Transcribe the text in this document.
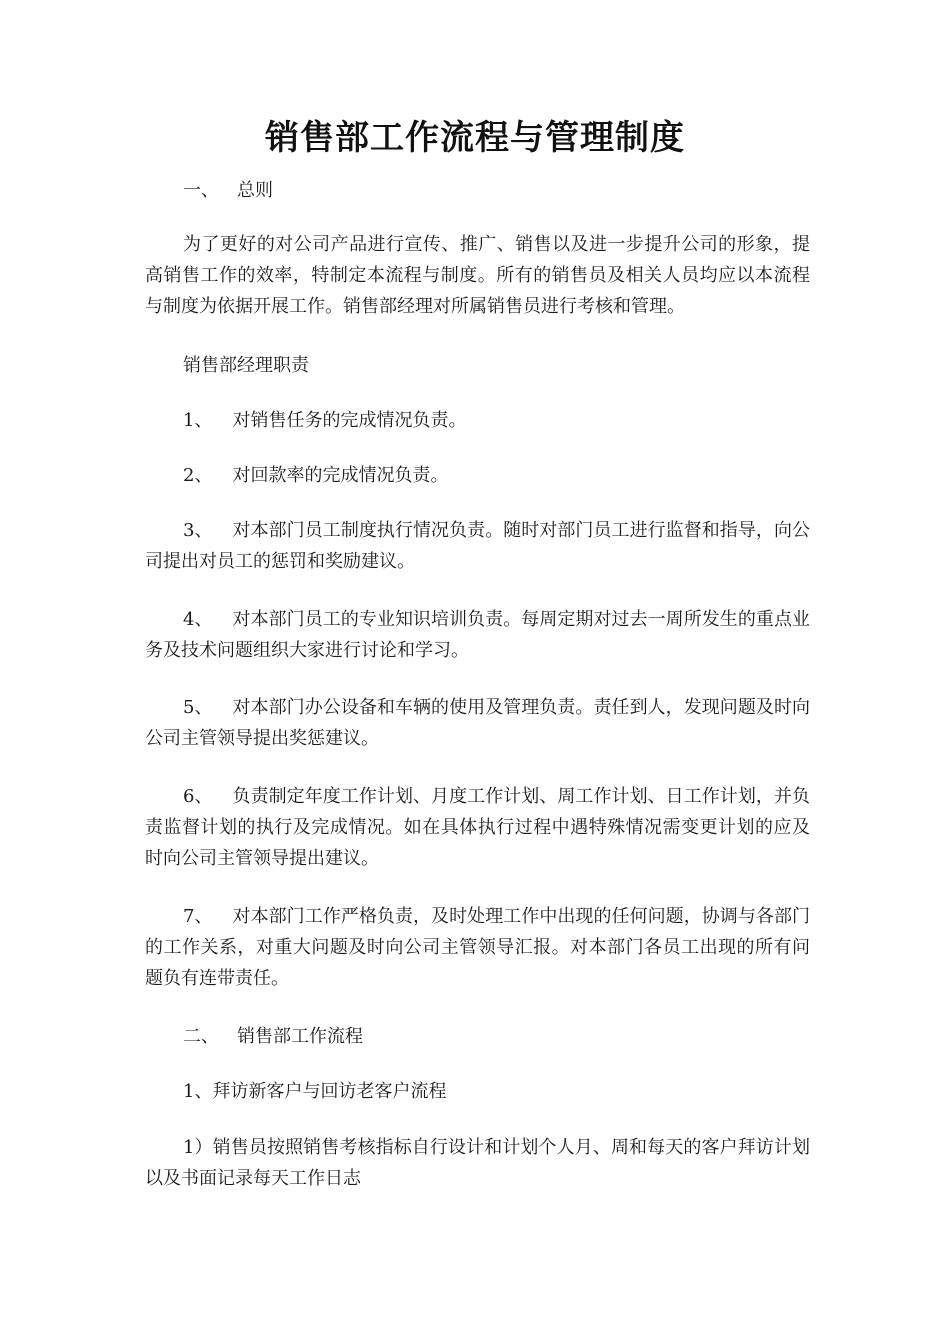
销售部工作流程与管理制度

一、 总则

为了更好的对公司产品进行宣传、推广、销售以及进一步提升公司的形象，提高销售工作的效率，特制定本流程与制度。所有的销售员及相关人员均应以本流程与制度为依据开展工作。销售部经理对所属销售员进行考核和管理。

销售部经理职责

1、 对销售任务的完成情况负责。

2、 对回款率的完成情况负责。

3、 对本部门员工制度执行情况负责。随时对部门员工进行监督和指导，向公司提出对员工的惩罚和奖励建议。

4、 对本部门员工的专业知识培训负责。每周定期对过去一周所发生的重点业务及技术问题组织大家进行讨论和学习。

5、 对本部门办公设备和车辆的使用及管理负责。责任到人，发现问题及时向公司主管领导提出奖惩建议。

6、 负责制定年度工作计划、月度工作计划、周工作计划、日工作计划，并负责监督计划的执行及完成情况。如在具体执行过程中遇特殊情况需变更计划的应及时向公司主管领导提出建议。

7、 对本部门工作严格负责，及时处理工作中出现的任何问题，协调与各部门的工作关系，对重大问题及时向公司主管领导汇报。对本部门各员工出现的所有问题负有连带责任。

二、 销售部工作流程

1、拜访新客户与回访老客户流程

1）销售员按照销售考核指标自行设计和计划个人月、周和每天的客户拜访计划以及书面记录每天工作日志
